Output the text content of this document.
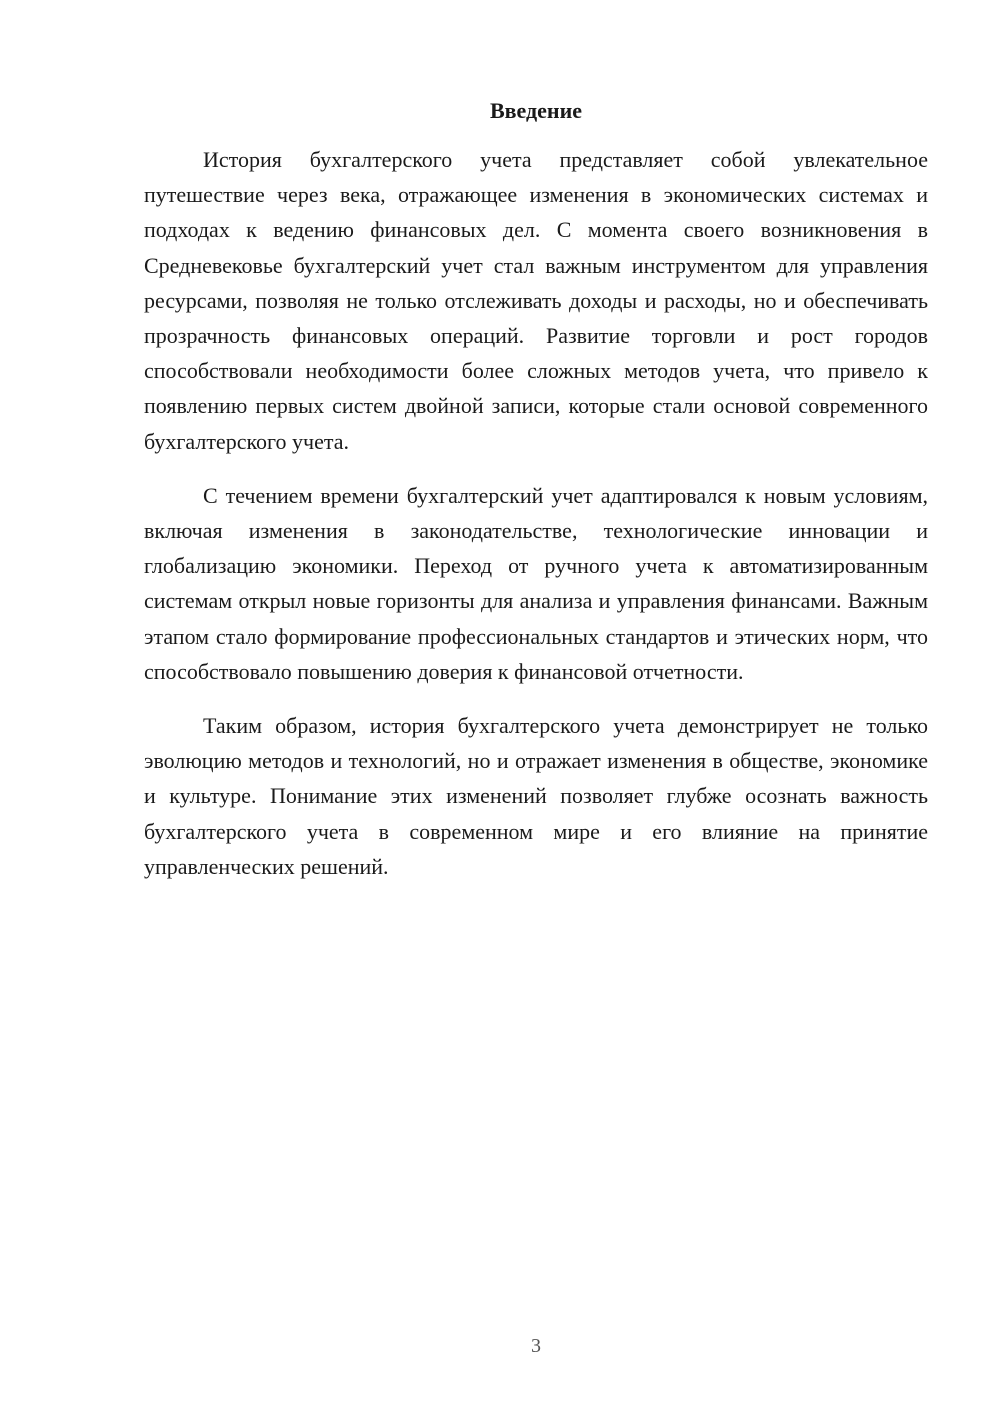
Введение

История бухгалтерского учета представляет собой увлекательное путешествие через века, отражающее изменения в экономических системах и подходах к ведению финансовых дел. С момента своего возникновения в Средневековье бухгалтерский учет стал важным инструментом для управления ресурсами, позволяя не только отслеживать доходы и расходы, но и обеспечивать прозрачность финансовых операций. Развитие торговли и рост городов способствовали необходимости более сложных методов учета, что привело к появлению первых систем двойной записи, которые стали основой современного бухгалтерского учета.

С течением времени бухгалтерский учет адаптировался к новым условиям, включая изменения в законодательстве, технологические инновации и глобализацию экономики. Переход от ручного учета к автоматизированным системам открыл новые горизонты для анализа и управления финансами. Важным этапом стало формирование профессиональных стандартов и этических норм, что способствовало повышению доверия к финансовой отчетности.

Таким образом, история бухгалтерского учета демонстрирует не только эволюцию методов и технологий, но и отражает изменения в обществе, экономике и культуре. Понимание этих изменений позволяет глубже осознать важность бухгалтерского учета в современном мире и его влияние на принятие управленческих решений.

3
